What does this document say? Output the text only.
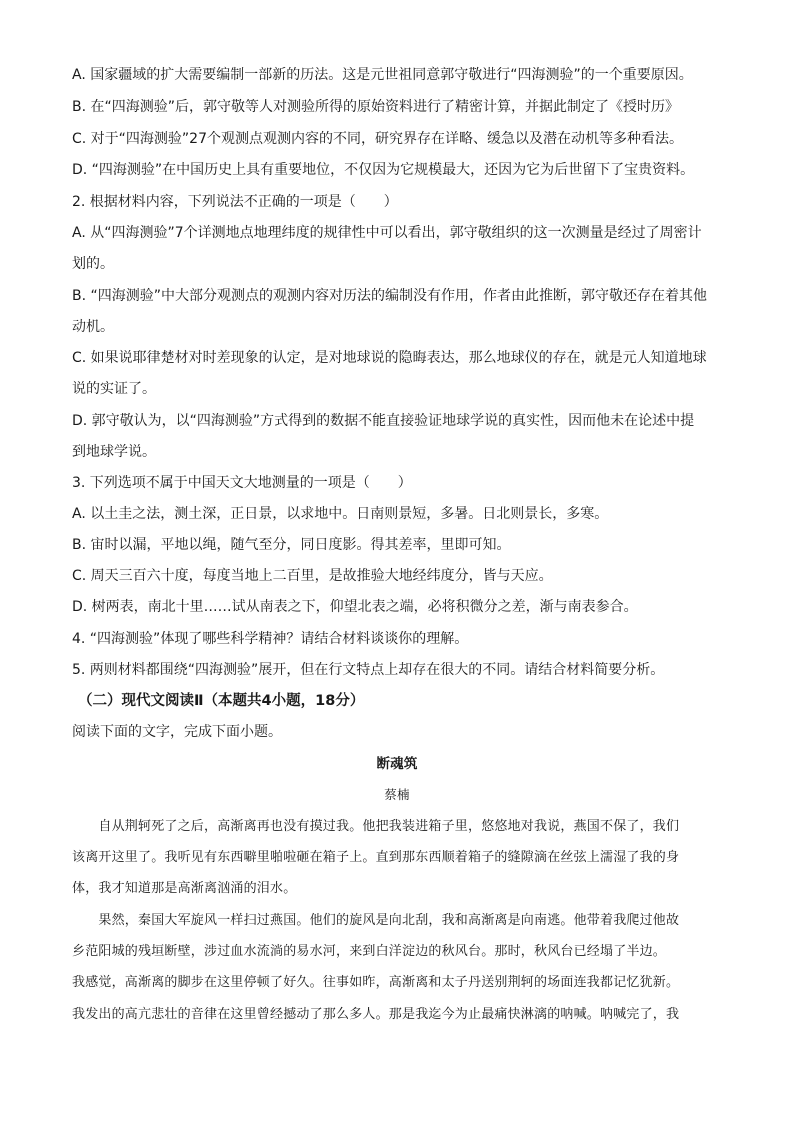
A. 国家疆域的扩大需要编制一部新的历法。这是元世祖同意郭守敬进行“四海测验”的一个重要原因。

B. 在“四海测验”后，郭守敬等人对测验所得的原始资料进行了精密计算，并据此制定了《授时历》

C. 对于“四海测验”27个观测点观测内容的不同，研究界存在详略、缓急以及潜在动机等多种看法。

D. “四海测验”在中国历史上具有重要地位，不仅因为它规模最大，还因为它为后世留下了宝贵资料。

2. 根据材料内容，下列说法不正确的一项是（　　）

A. 从“四海测验”7个详测地点地理纬度的规律性中可以看出，郭守敬组织的这一次测量是经过了周密计

划的。

B. “四海测验”中大部分观测点的观测内容对历法的编制没有作用，作者由此推断，郭守敬还存在着其他

动机。

C. 如果说耶律楚材对时差现象的认定，是对地球说的隐晦表达，那么地球仪的存在，就是元人知道地球

说的实证了。

D. 郭守敬认为，以“四海测验”方式得到的数据不能直接验证地球学说的真实性，因而他未在论述中提

到地球学说。

3. 下列选项不属于中国天文大地测量的一项是（　　）

A. 以土圭之法，测土深，正日景，以求地中。日南则景短，多暑。日北则景长，多寒。

B. 宙时以漏，平地以绳，随气至分，同日度影。得其差率，里即可知。

C. 周天三百六十度，每度当地上二百里，是故推验大地经纬度分，皆与天应。

D. 树两表，南北十里……试从南表之下，仰望北表之端，必将积微分之差，渐与南表参合。

4. “四海测验”体现了哪些科学精神？请结合材料谈谈你的理解。

5. 两则材料都围绕“四海测验”展开，但在行文特点上却存在很大的不同。请结合材料简要分析。

（二）现代文阅读Ⅱ（本题共4小题，18分）

阅读下面的文字，完成下面小题。

断魂筑

蔡楠

　　自从荆轲死了之后，高渐离再也没有摸过我。他把我装进箱子里，悠悠地对我说，燕国不保了，我们

该离开这里了。我听见有东西噼里啪啦砸在箱子上。直到那东西顺着箱子的缝隙滴在丝弦上濡湿了我的身

体，我才知道那是高渐离汹涌的泪水。

　　果然，秦国大军旋风一样扫过燕国。他们的旋风是向北刮，我和高渐离是向南逃。他带着我爬过他故

乡范阳城的残垣断壁，涉过血水流淌的易水河，来到白洋淀边的秋风台。那时，秋风台已经塌了半边。

我感觉，高渐离的脚步在这里停顿了好久。往事如昨，高渐离和太子丹送别荆轲的场面连我都记忆犹新。

我发出的高亢悲壮的音律在这里曾经撼动了那么多人。那是我迄今为止最痛快淋漓的呐喊。呐喊完了，我
